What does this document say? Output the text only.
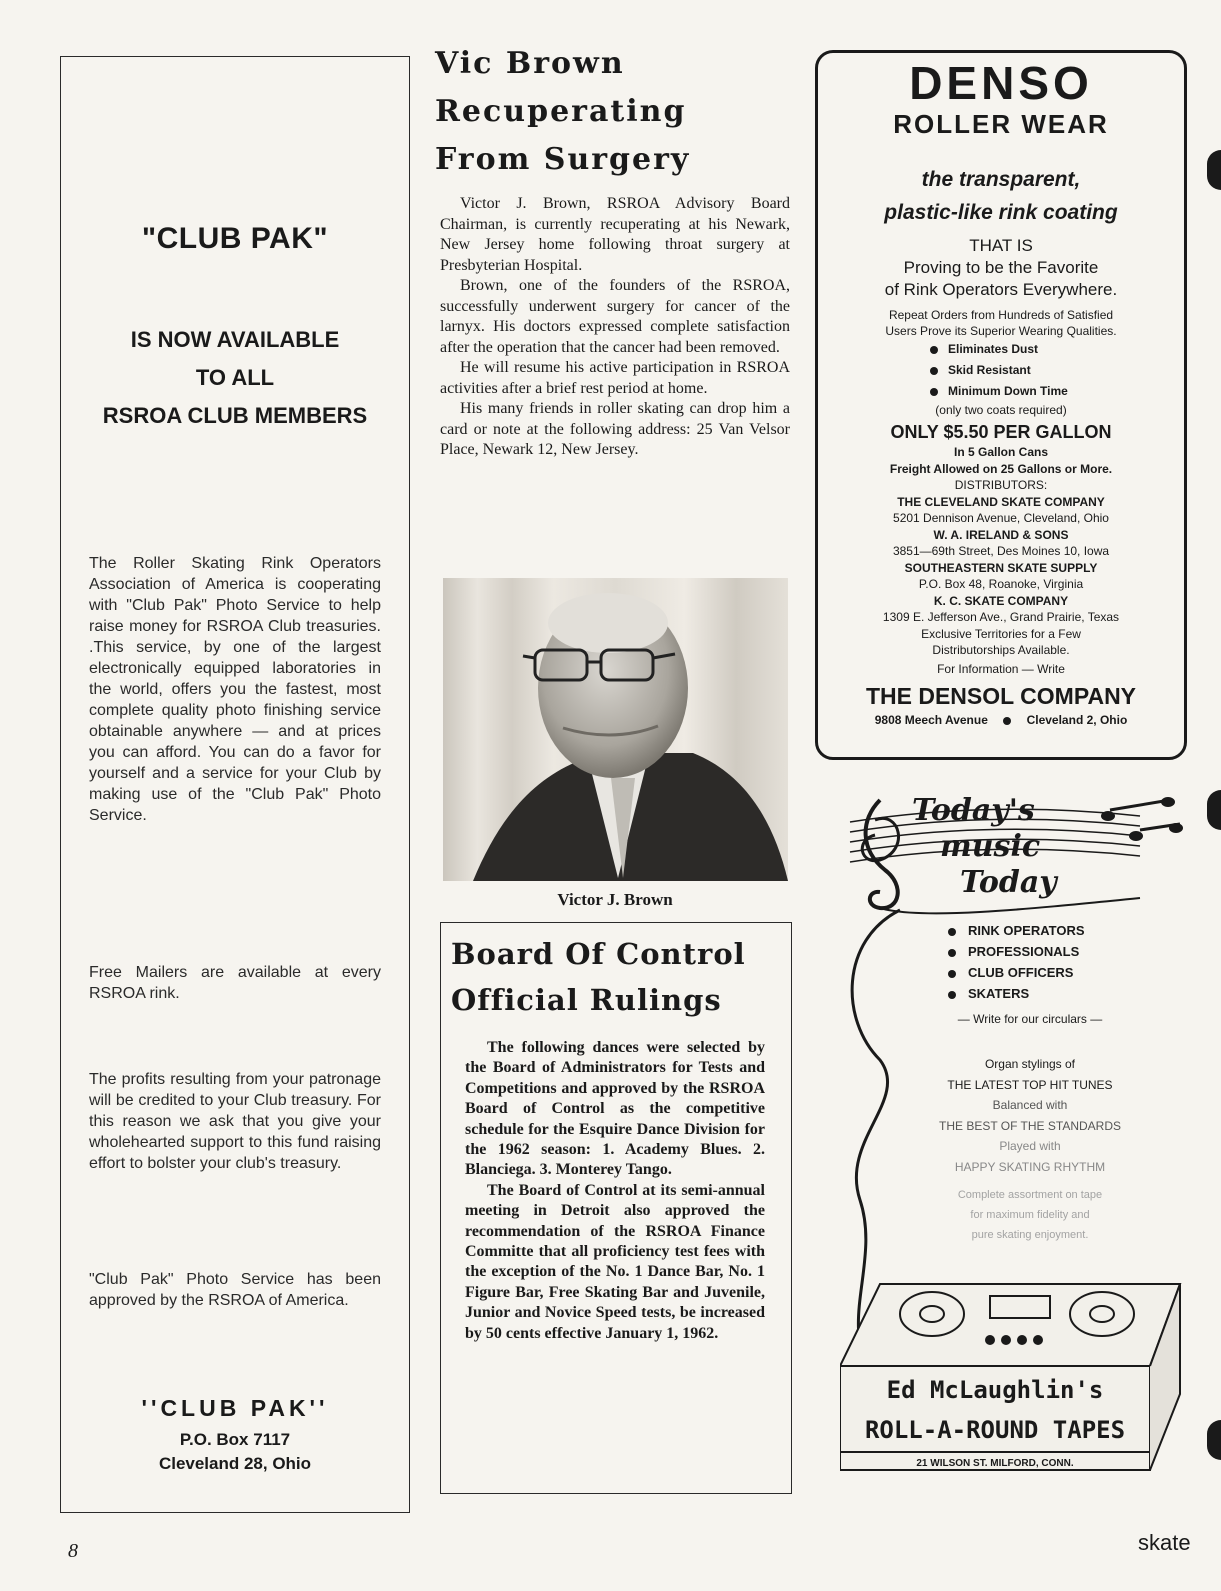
"CLUB PAK"
IS NOW AVAILABLE
TO ALL
RSROA CLUB MEMBERS
The Roller Skating Rink Operators Association of America is cooperating with "Club Pak" Photo Service to help raise money for RSROA Club treasuries. .This service, by one of the largest electronically equipped laboratories in the world, offers you the fastest, most complete quality photo finishing service obtainable anywhere — and at prices you can afford. You can do a favor for yourself and a service for your Club by making use of the "Club Pak" Photo Service.
Free Mailers are available at every RSROA rink.
The profits resulting from your patronage will be credited to your Club treasury. For this reason we ask that you give your wholehearted support to this fund raising effort to bolster your club's treasury.
"Club Pak" Photo Service has been approved by the RSROA of America.
''CLUB PAK''
P.O. Box 7117
Cleveland 28, Ohio
Vic Brown
Recuperating
From Surgery

Victor J. Brown, RSROA Advisory Board Chairman, is currently recuperating at his Newark, New Jersey home following throat surgery at Presbyterian Hospital.

Brown, one of the founders of the RSROA, successfully underwent surgery for cancer of the larnyx. His doctors expressed complete satisfaction after the operation that the cancer had been removed.

He will resume his active participation in RSROA activities after a brief rest period at home.

His many friends in roller skating can drop him a card or note at the following address: 25 Van Velsor Place, Newark 12, New Jersey.

Victor J. Brown
Board Of Control
Official Rulings

The following dances were selected by the Board of Administrators for Tests and Competitions and approved by the RSROA Board of Control as the competitive schedule for the Esquire Dance Division for the 1962 season: 1. Academy Blues. 2. Blanciega. 3. Monterey Tango.

The Board of Control at its semi-annual meeting in Detroit also approved the recommendation of the RSROA Finance Committe that all proficiency test fees with the exception of the No. 1 Dance Bar, No. 1 Figure Bar, Free Skating Bar and Juvenile, Junior and Novice Speed tests, be increased by 50 cents effective January 1, 1962.

DENSO
ROLLER WEAR
the transparent,
plastic-like rink coating
THAT IS
Proving to be the Favorite
of Rink Operators Everywhere.
Repeat Orders from Hundreds of Satisfied
Users Prove its Superior Wearing Qualities.
Eliminates Dust
Skid Resistant
Minimum Down Time
(only two coats required)
ONLY $5.50 PER GALLON
In 5 Gallon Cans
Freight Allowed on 25 Gallons or More.
DISTRIBUTORS:
THE CLEVELAND SKATE COMPANY
5201 Dennison Avenue, Cleveland, Ohio
W. A. IRELAND & SONS
3851—69th Street, Des Moines 10, Iowa
SOUTHEASTERN SKATE SUPPLY
P.O. Box 48, Roanoke, Virginia
K. C. SKATE COMPANY
1309 E. Jefferson Ave., Grand Prairie, Texas
Exclusive Territories for a Few
Distributorships Available.
For Information — Write
THE DENSOL COMPANY
9808 Meech Avenue	Cleveland 2, Ohio
Today's
music
Today
RINK OPERATORS
PROFESSIONALS
CLUB OFFICERS
SKATERS
— Write for our circulars —
Organ stylings of
THE LATEST TOP HIT TUNES
Balanced with
THE BEST OF THE STANDARDS
Played with
HAPPY SKATING RHYTHM
Complete assortment on tape
for maximum fidelity and
pure skating enjoyment.
Ed McLaughlin's
ROLL-A-ROUND TAPES
21 WILSON ST. MILFORD, CONN.
8	skate
